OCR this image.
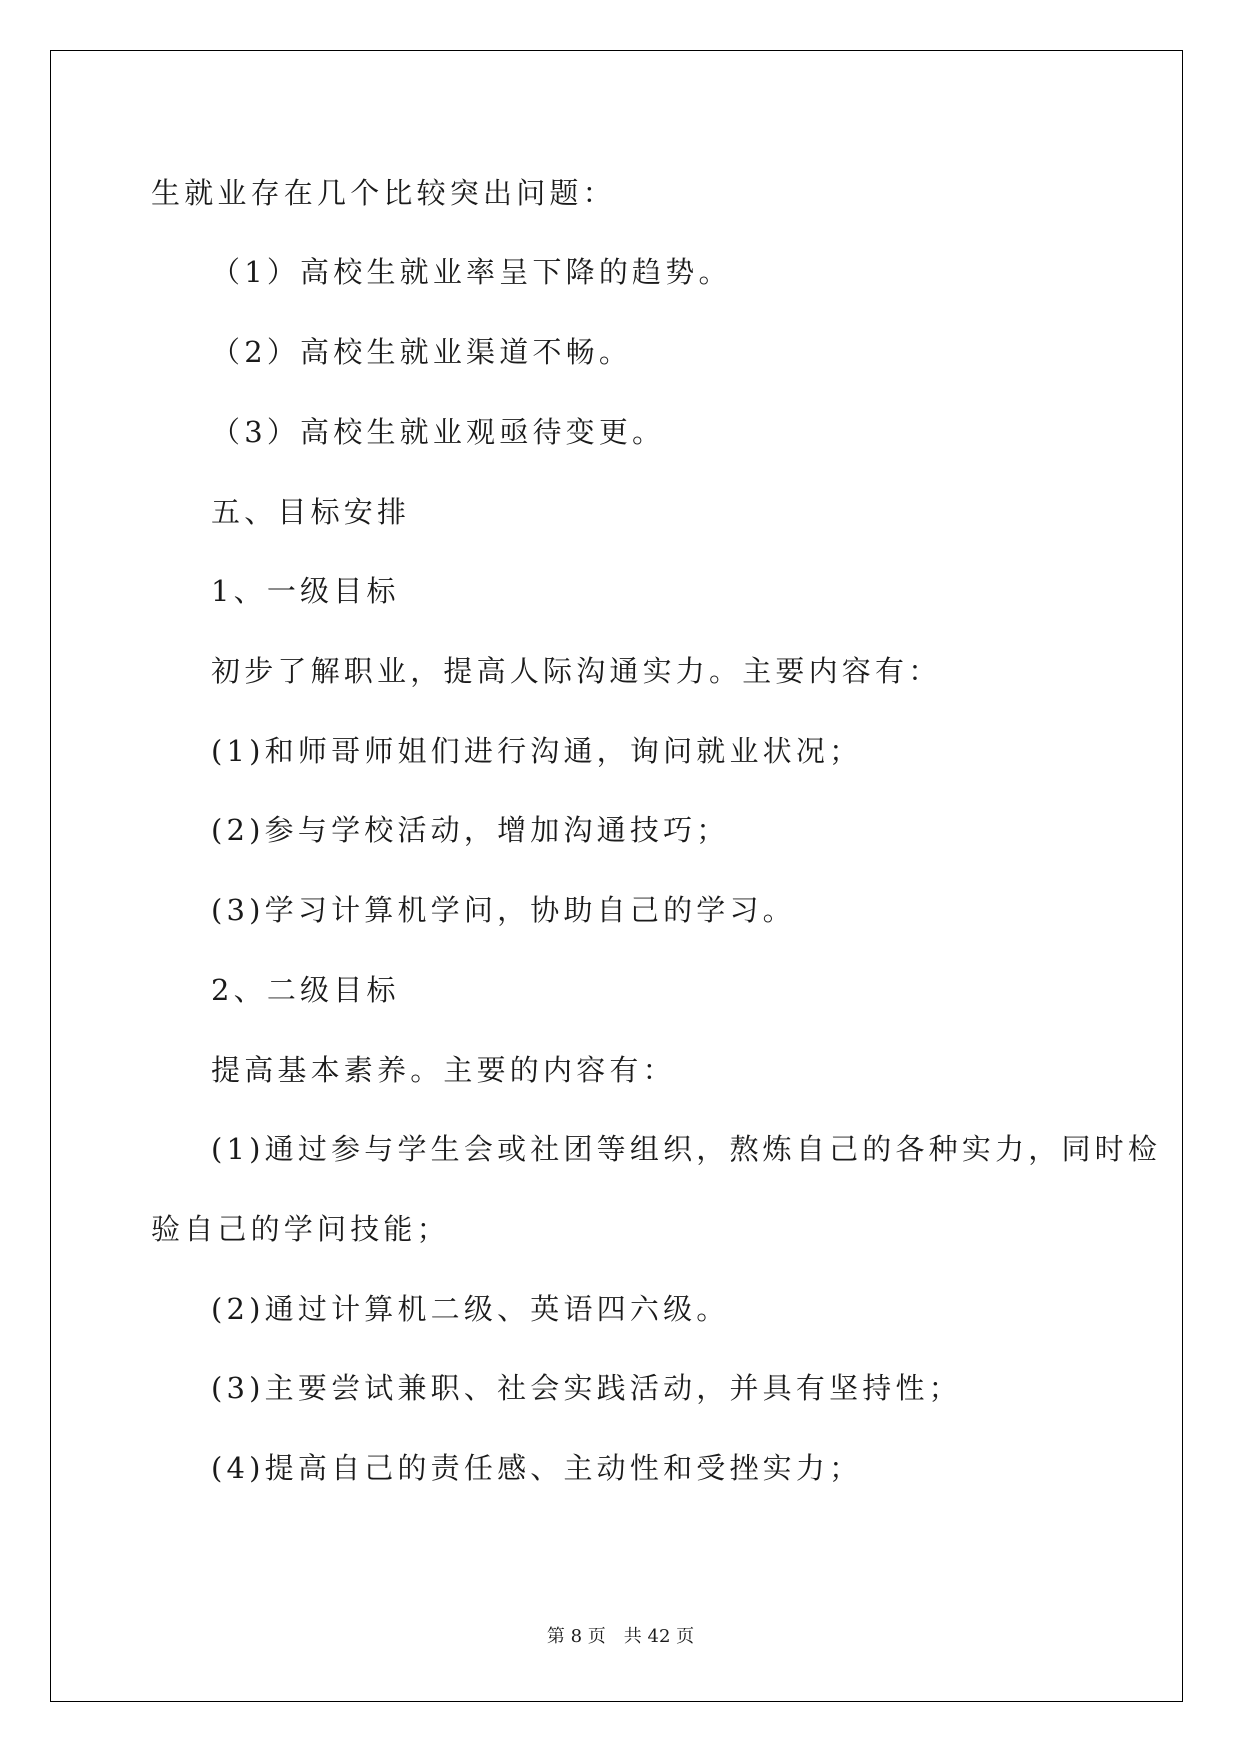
生就业存在几个比较突出问题：

（1）高校生就业率呈下降的趋势。

（2）高校生就业渠道不畅。

（3）高校生就业观亟待变更。

五、目标安排

1、一级目标

初步了解职业，提高人际沟通实力。主要内容有：

(1)和师哥师姐们进行沟通，询问就业状况；

(2)参与学校活动，增加沟通技巧；

(3)学习计算机学问，协助自己的学习。

2、二级目标

提高基本素养。主要的内容有：

(1)通过参与学生会或社团等组织，熬炼自己的各种实力，同时检

验自己的学问技能；

(2)通过计算机二级、英语四六级。

(3)主要尝试兼职、社会实践活动，并具有坚持性；

(4)提高自己的责任感、主动性和受挫实力；

第 8 页　共 42 页
